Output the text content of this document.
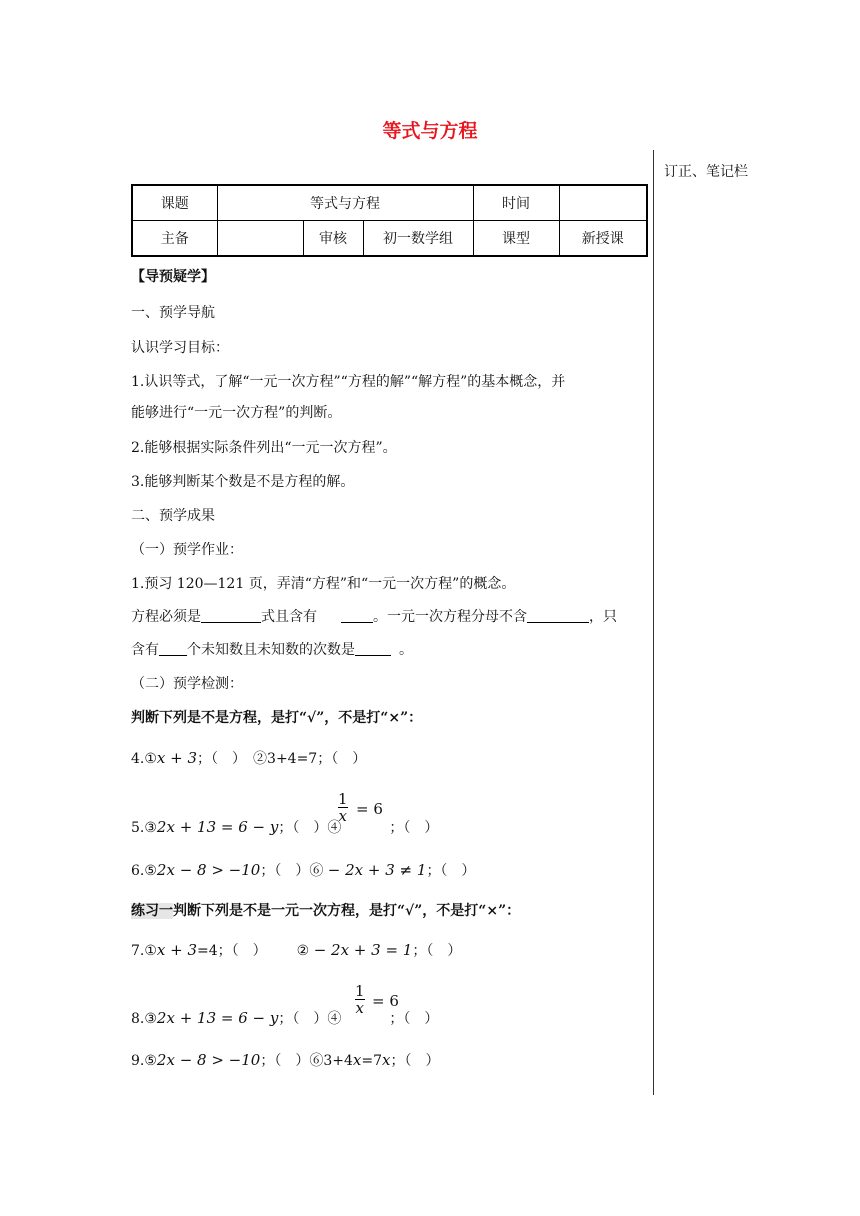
等式与方程
订正、笔记栏
课题	等式与方程			时间	
主备		审核	初一数学组	课型	新授课
【导预疑学】
一、预学导航
认识学习目标：
1.认识等式，了解“一元一次方程”“方程的解”“解方程”的基本概念，并
能够进行“一元一次方程”的判断。
2.能够根据实际条件列出“一元一次方程”。
3.能够判断某个数是不是方程的解。
二、预学成果
（一）预学作业：
1.预习 120—121 页，弄清“方程”和“一元一次方程”的概念。
方程必须是	式且含有	。一元一次方程分母不含	，只
含有 个未知数且未知数的次数是	。
（二）预学检测：
判断下列是不是方程，是打“√”，不是打“×”：
4.①x + 3；（　）　②3+4=7；（　）
5.③2x + 13 = 6 − y；（　）④	；（　）
$\frac{1}{x} = 6$
6.⑤2x − 8 > −10；（　）⑥ − 2x + 3 ≠ 1；（　）
练习一判断下列是不是一元一次方程，是打“√”，不是打“×”：
7.①x + 3=4；（　） ② − 2x + 3 = 1；（　）
8.③2x + 13 = 6 − y；（　）④	；（　）
$\frac{1}{x} = 6$
9.⑤2x − 8 > −10；（　）⑥3+4x=7x；（　）
